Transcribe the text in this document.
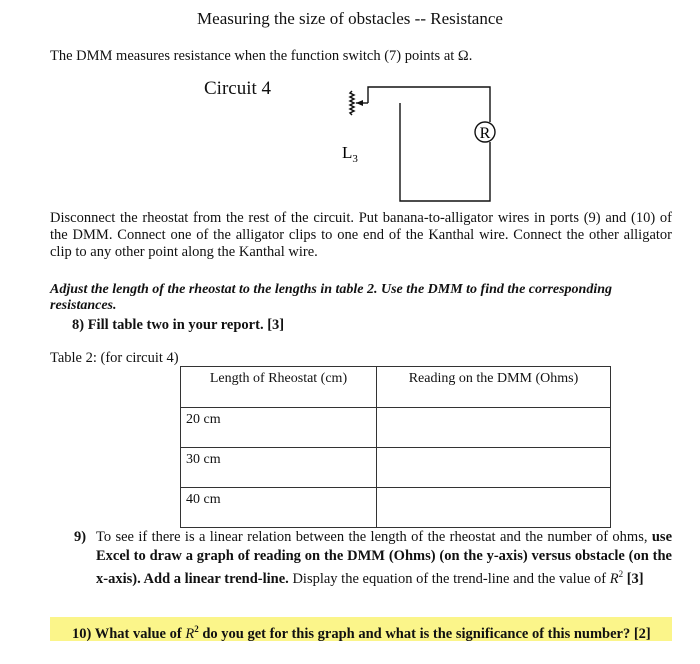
Measuring the size of obstacles -- Resistance
The DMM measures resistance when the function switch (7) points at Ω.
Circuit 4
R
$L_3$
Disconnect the rheostat from the rest of the circuit. Put banana-to-alligator wires in ports (9) and (10) of the DMM. Connect one of the alligator clips to one end of the Kanthal wire. Connect the other alligator clip to any other point along the Kanthal wire.
Adjust the length of the rheostat to the lengths in table 2. Use the DMM to find the corresponding resistances.
8) Fill table two in your report. [3]
Table 2: (for circuit 4)
Length of Rheostat (cm)	Reading on the DMM (Ohms)
20 cm	
30 cm	
40 cm	
9) To see if there is a linear relation between the length of the rheostat and the number of ohms, use Excel to draw a graph of reading on the DMM (Ohms) (on the y-axis) versus obstacle (on the x-axis). Add a linear trend-line. Display the equation of the trend-line and the value of $R^2$ [3]
10) What value of $R^2$ do you get for this graph and what is the significance of this number? [2]
